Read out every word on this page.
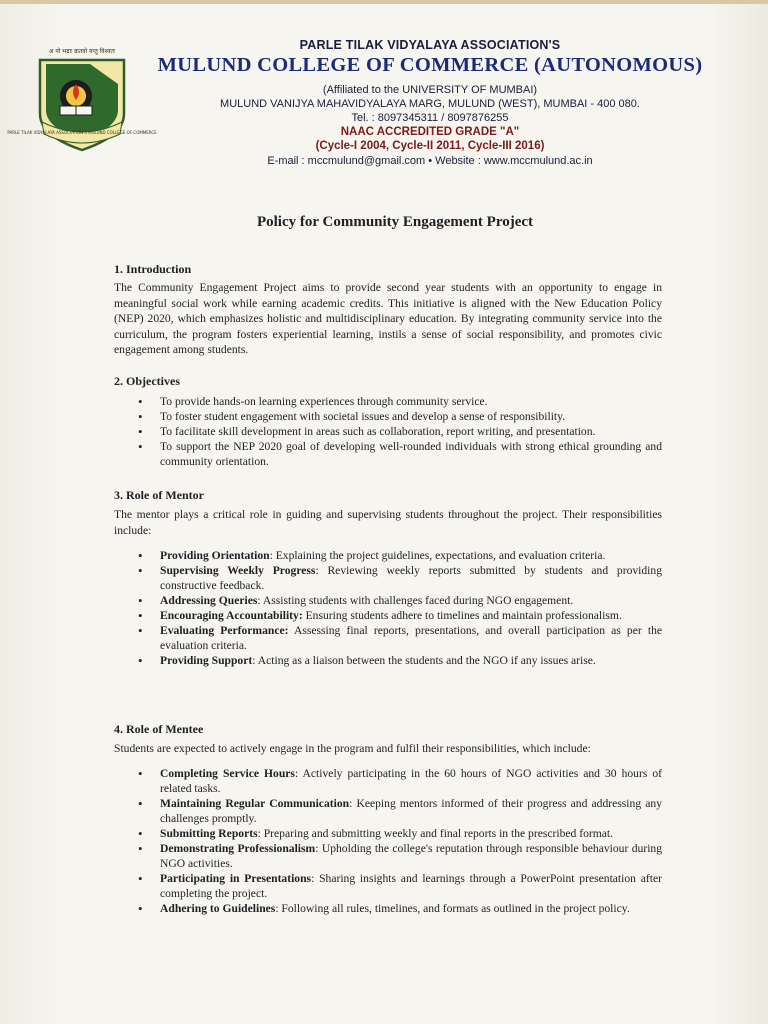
अ नो भद्राः क्रतवो यन्तु विश्वतः
PARLE TILAK VIDYALAYA ASSOCIATION'S MULUND COLLEGE OF COMMERCE
PARLE TILAK VIDYALAYA ASSOCIATION'S
MULUND COLLEGE OF COMMERCE (AUTONOMOUS)
(Affiliated to the UNIVERSITY OF MUMBAI)
MULUND VANIJYA MAHAVIDYALAYA MARG, MULUND (WEST), MUMBAI - 400 080.
Tel. : 8097345311 / 8097876255
NAAC ACCREDITED GRADE "A"
(Cycle-I 2004, Cycle-II 2011, Cycle-III 2016)
E-mail : mccmulund@gmail.com • Website : www.mccmulund.ac.in
Policy for Community Engagement Project
1. Introduction
The Community Engagement Project aims to provide second year students with an opportunity to engage in meaningful social work while earning academic credits. This initiative is aligned with the New Education Policy (NEP) 2020, which emphasizes holistic and multidisciplinary education. By integrating community service into the curriculum, the program fosters experiential learning, instils a sense of social responsibility, and promotes civic engagement among students.
2. Objectives
• To provide hands-on learning experiences through community service.
• To foster student engagement with societal issues and develop a sense of responsibility.
• To facilitate skill development in areas such as collaboration, report writing, and presentation.
• To support the NEP 2020 goal of developing well-rounded individuals with strong ethical grounding and community orientation.
3. Role of Mentor
The mentor plays a critical role in guiding and supervising students throughout the project. Their responsibilities include:
• Providing Orientation: Explaining the project guidelines, expectations, and evaluation criteria.
• Supervising Weekly Progress: Reviewing weekly reports submitted by students and providing constructive feedback.
• Addressing Queries: Assisting students with challenges faced during NGO engagement.
• Encouraging Accountability: Ensuring students adhere to timelines and maintain professionalism.
• Evaluating Performance: Assessing final reports, presentations, and overall participation as per the evaluation criteria.
• Providing Support: Acting as a liaison between the students and the NGO if any issues arise.
4. Role of Mentee
Students are expected to actively engage in the program and fulfil their responsibilities, which include:
• Completing Service Hours: Actively participating in the 60 hours of NGO activities and 30 hours of related tasks.
• Maintaining Regular Communication: Keeping mentors informed of their progress and addressing any challenges promptly.
• Submitting Reports: Preparing and submitting weekly and final reports in the prescribed format.
• Demonstrating Professionalism: Upholding the college's reputation through responsible behaviour during NGO activities.
• Participating in Presentations: Sharing insights and learnings through a PowerPoint presentation after completing the project.
• Adhering to Guidelines: Following all rules, timelines, and formats as outlined in the project policy.
